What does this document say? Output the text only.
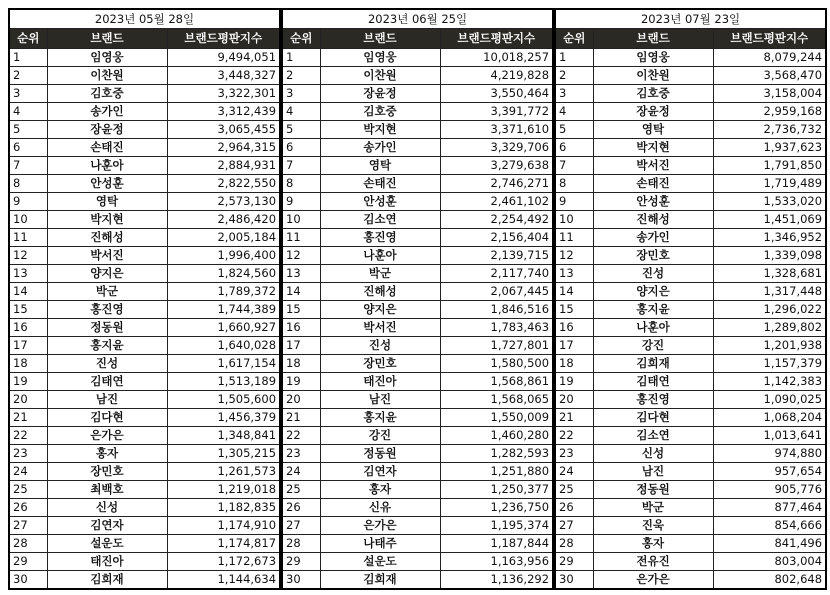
2023년 05월 28일		
순위	브랜드	브랜드평판지수
1	임영웅	9,494,051
2	이찬원	3,448,327
3	김호중	3,322,301
4	송가인	3,312,439
5	장윤정	3,065,455
6	손태진	2,964,315
7	나훈아	2,884,931
8	안성훈	2,822,550
9	영탁	2,573,130
10	박지현	2,486,420
11	진해성	2,005,184
12	박서진	1,996,400
13	양지은	1,824,560
14	박군	1,789,372
15	홍진영	1,744,389
16	정동원	1,660,927
17	홍지윤	1,640,028
18	진성	1,617,154
19	김태연	1,513,189
20	남진	1,505,600
21	김다현	1,456,379
22	은가은	1,348,841
23	홍자	1,305,215
24	장민호	1,261,573
25	최백호	1,219,018
26	신성	1,182,835
27	김연자	1,174,910
28	설운도	1,174,817
29	태진아	1,172,673
30	김희재	1,144,634
2023년 06월 25일		
순위	브랜드	브랜드평판지수
1	임영웅	10,018,257
2	이찬원	4,219,828
3	장윤정	3,550,464
4	김호중	3,391,772
5	박지현	3,371,610
6	송가인	3,329,706
7	영탁	3,279,638
8	손태진	2,746,271
9	안성훈	2,461,102
10	김소연	2,254,492
11	홍진영	2,156,404
12	나훈아	2,139,715
13	박군	2,117,740
14	진해성	2,067,445
15	양지은	1,846,516
16	박서진	1,783,463
17	진성	1,727,801
18	장민호	1,580,500
19	태진아	1,568,861
20	남진	1,568,065
21	홍지윤	1,550,009
22	강진	1,460,280
23	정동원	1,282,593
24	김연자	1,251,880
25	홍자	1,250,377
26	신유	1,236,750
27	은가은	1,195,374
28	나태주	1,187,844
29	설운도	1,163,956
30	김희재	1,136,292
2023년 07월 23일		
순위	브랜드	브랜드평판지수
1	임영웅	8,079,244
2	이찬원	3,568,470
3	김호중	3,158,004
4	장윤정	2,959,168
5	영탁	2,736,732
6	박지현	1,937,623
7	박서진	1,791,850
8	손태진	1,719,489
9	안성훈	1,533,020
10	진해성	1,451,069
11	송가인	1,346,952
12	장민호	1,339,098
13	진성	1,328,681
14	양지은	1,317,448
15	홍지윤	1,296,022
16	나훈아	1,289,802
17	강진	1,201,938
18	김희재	1,157,379
19	김태연	1,142,383
20	홍진영	1,090,025
21	김다현	1,068,204
22	김소연	1,013,641
23	신성	974,880
24	남진	957,654
25	정동원	905,776
26	박군	877,464
27	진욱	854,666
28	홍자	841,496
29	전유진	803,004
30	은가은	802,648
